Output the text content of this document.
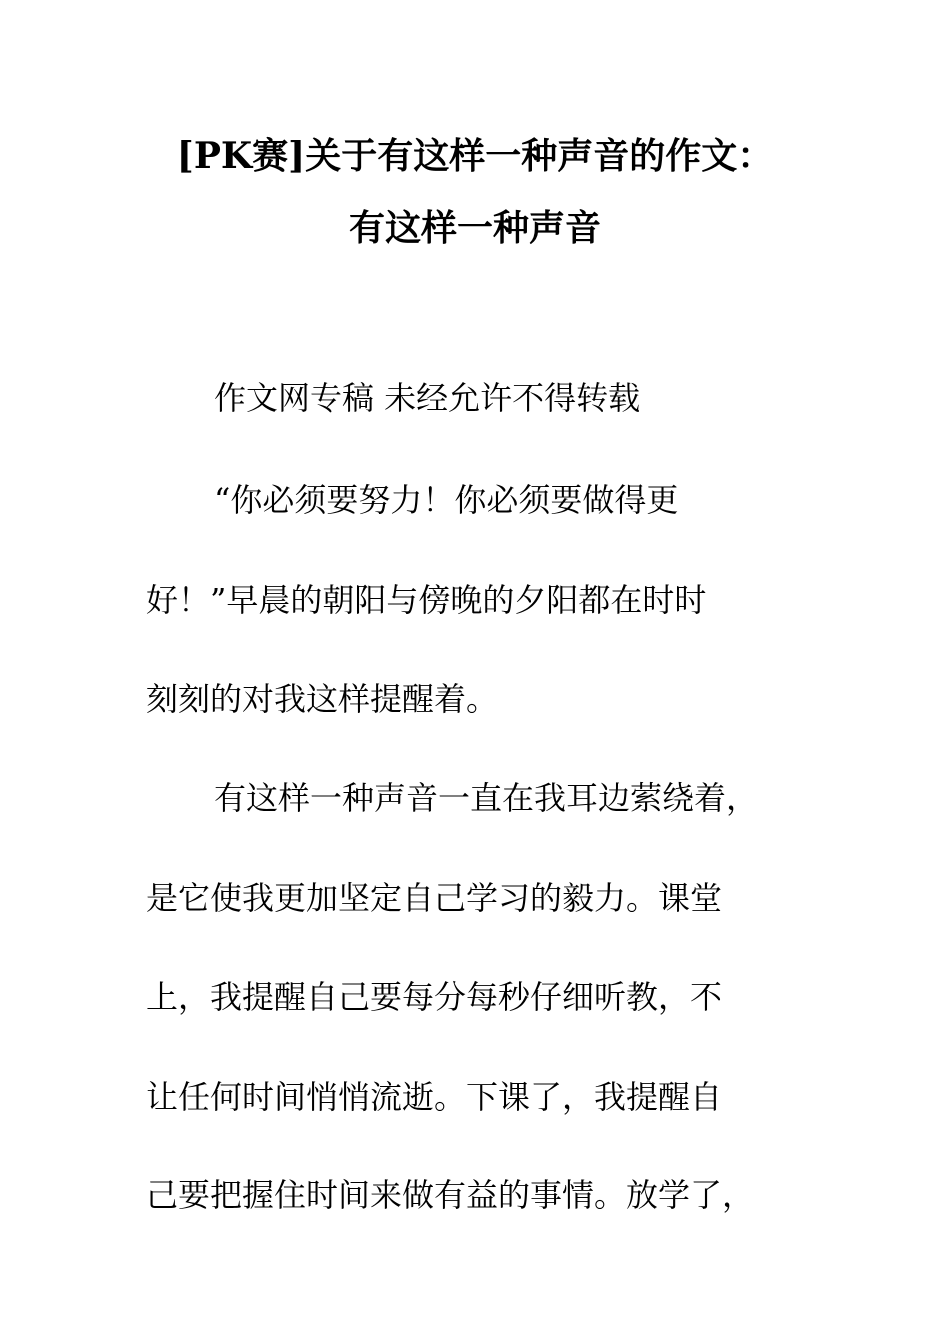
[PK赛]关于有这样一种声音的作文：
有这样一种声音
作文网专稿 未经允许不得转载
“你必须要努力！你必须要做得更
好！”早晨的朝阳与傍晚的夕阳都在时时
刻刻的对我这样提醒着。
有这样一种声音一直在我耳边萦绕着，
是它使我更加坚定自己学习的毅力。课堂
上，我提醒自己要每分每秒仔细听教，不
让任何时间悄悄流逝。下课了，我提醒自
己要把握住时间来做有益的事情。放学了，
